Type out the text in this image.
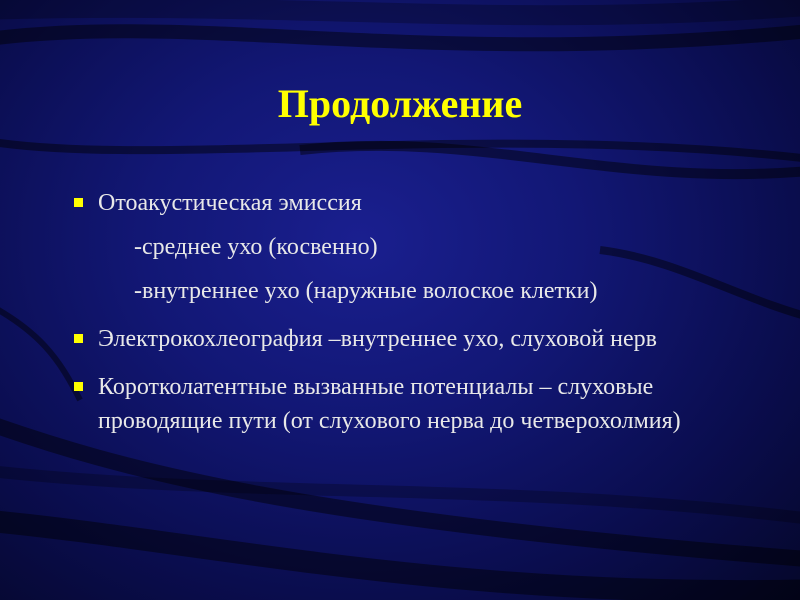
Продолжение
Отоакустическая эмиссия
-среднее ухо (косвенно)
-внутреннее ухо (наружные волоское клетки)
Электрокохлеография –внутреннее ухо, слуховой нерв
Коротколатентные вызванные потенциалы – слуховые проводящие пути (от слухового нерва до четверохолмия)
